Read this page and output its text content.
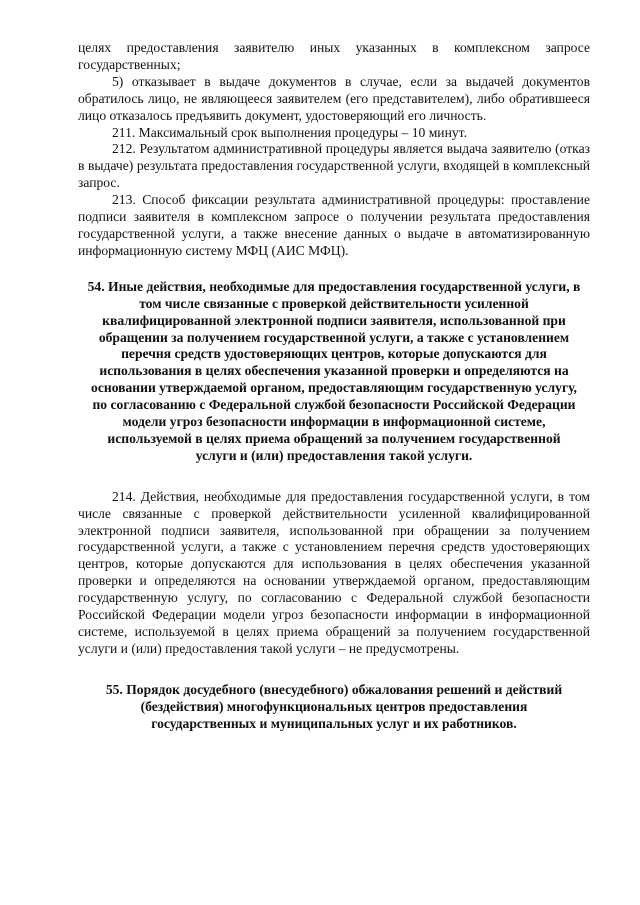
целях предоставления заявителю иных указанных в комплексном запросе государственных;

5) отказывает в выдаче документов в случае, если за выдачей документов обратилось лицо, не являющееся заявителем (его представителем), либо обратившееся лицо отказалось предъявить документ, удостоверяющий его личность.

211. Максимальный срок выполнения процедуры – 10 минут.

212. Результатом административной процедуры является выдача заявителю (отказ в выдаче) результата предоставления государственной услуги, входящей в комплексный запрос.

213. Способ фиксации результата административной процедуры: проставление подписи заявителя в комплексном запросе о получении результата предоставления государственной услуги, а также внесение данных о выдаче в автоматизированную информационную систему МФЦ (АИС МФЦ).

54. Иные действия, необходимые для предоставления государственной услуги, в том числе связанные с проверкой действительности усиленной квалифицированной электронной подписи заявителя, использованной при обращении за получением государственной услуги, а также с установлением перечня средств удостоверяющих центров, которые допускаются для использования в целях обеспечения указанной проверки и определяются на основании утверждаемой органом, предоставляющим государственную услугу, по согласованию с Федеральной службой безопасности Российской Федерации модели угроз безопасности информации в информационной системе, используемой в целях приема обращений за получением государственной услуги и (или) предоставления такой услуги.

214. Действия, необходимые для предоставления государственной услуги, в том числе связанные с проверкой действительности усиленной квалифицированной электронной подписи заявителя, использованной при обращении за получением государственной услуги, а также с установлением перечня средств удостоверяющих центров, которые допускаются для использования в целях обеспечения указанной проверки и определяются на основании утверждаемой органом, предоставляющим государственную услугу, по согласованию с Федеральной службой безопасности Российской Федерации модели угроз безопасности информации в информационной системе, используемой в целях приема обращений за получением государственной услуги и (или) предоставления такой услуги – не предусмотрены.

55. Порядок досудебного (внесудебного) обжалования решений и действий (бездействия) многофункциональных центров предоставления государственных и муниципальных услуг и их работников.
